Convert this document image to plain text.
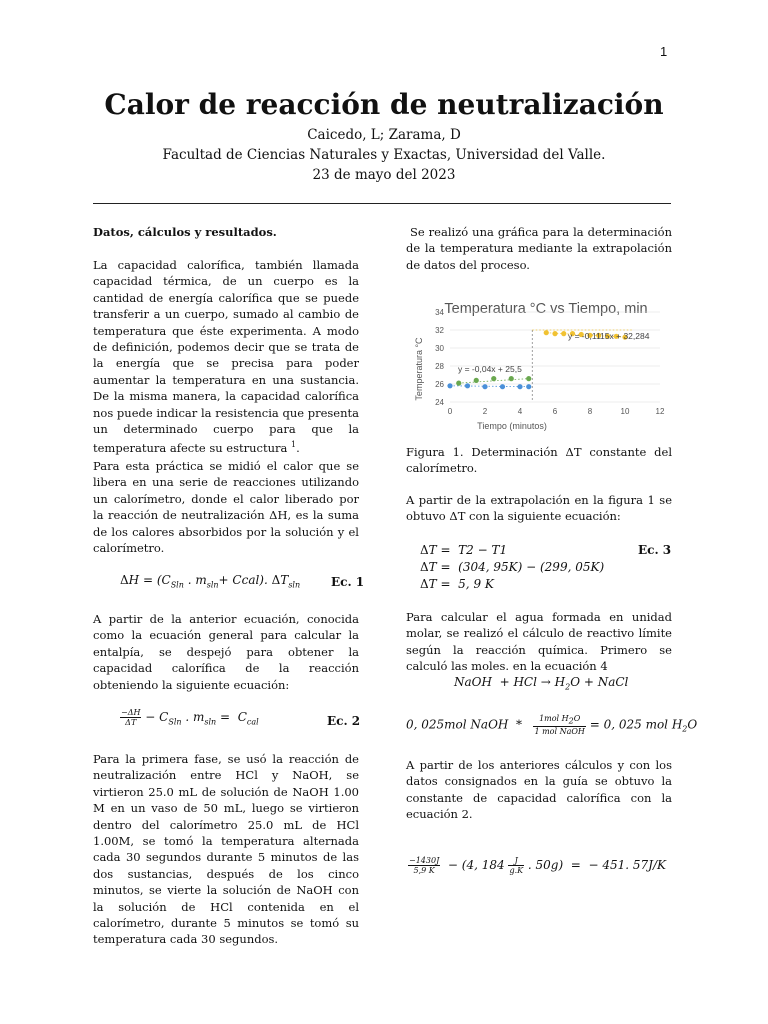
1
Calor de reacción de neutralización
Caicedo, L; Zarama, D
Facultad de Ciencias Naturales y Exactas, Universidad del Valle.
23 de mayo del 2023
Datos, cálculos y resultados.
La capacidad calorífica, también llamada capacidad térmica, de un cuerpo es la cantidad de energía calorífica que se puede transferir a un cuerpo, sumado al cambio de temperatura que éste experimenta. A modo de definición, podemos decir que se trata de la energía que se precisa para poder aumentar la temperatura en una sustancia. De la misma manera, la capacidad calorífica nos puede indicar la resistencia que presenta un determinado cuerpo para que la temperatura afecte su estructura $^1$.
Para esta práctica se midió el calor que se libera en una serie de reacciones utilizando un calorímetro, donde el calor liberado por la reacción de neutralización ΔH, es la suma de los calores absorbidos por la solución y el calorímetro.
$\Delta H = (C_{Sln}$ . $m_{sln}+$ Ccal). $\Delta T_{sln}$	Ec. 1
A partir de la anterior ecuación, conocida como la ecuación general para calcular la entalpía, se despejó para obtener la capacidad calorífica de la reacción obteniendo la siguiente ecuación:
$\frac{-\Delta H}{\Delta T} - C_{Sln}$ . $m_{sln} = C_{cal}$	Ec. 2
Para la primera fase, se usó la reacción de neutralización entre HCl y NaOH, se virtieron 25.0 mL de solución de NaOH 1.00 M en un vaso de 50 mL, luego se virtieron dentro del calorímetro 25.0 mL de HCl 1.00M, se tomó la temperatura alternada cada 30 segundos durante 5 minutos de las dos sustancias, después de los cinco minutos, se vierte la solución de NaOH con la solución de HCl contenida en el calorímetro, durante 5 minutos se tomó su temperatura cada 30 segundos.
Se realizó una gráfica para la determinación de la temperatura mediante la extrapolación de datos del proceso.
Temperatura °C vs Tiempo, min
Tiempo (minutos)
Temperatura °C
24
26
28
30
32
34
0	2	4	6	8	10	12
y = -0,04x + 25,5
y = -0,1115x + 32,284
Figura 1. Determinación ΔT constante del calorímetro.
A partir de la extrapolación en la figura 1 se obtuvo ΔT con la siguiente ecuación:
ΔT =  T2 − T1
ΔT =  (304, 95K) − (299, 05K)
ΔT =  5, 9 K
Ec. 3
Para calcular el agua formada en unidad molar, se realizó el cálculo de reactivo límite según la reacción química. Primero se calculó las moles. en la ecuación 4
NaOH  + HCl → $H_2O$ + NaCl
0, 025mol NaOH  * $\frac{1mol H_2O}{\text{1 mol NaOH}} = 0$, 025 mol $H_2O$
A partir de los anteriores cálculos y con los datos consignados en la guía se obtuvo la constante de capacidad calorífica con la ecuación 2.
$\frac{-1430J}{5,9 K} - (4$, $184 \frac{J}{g.K}$ . 50g)  =  − 451. 57J/K
